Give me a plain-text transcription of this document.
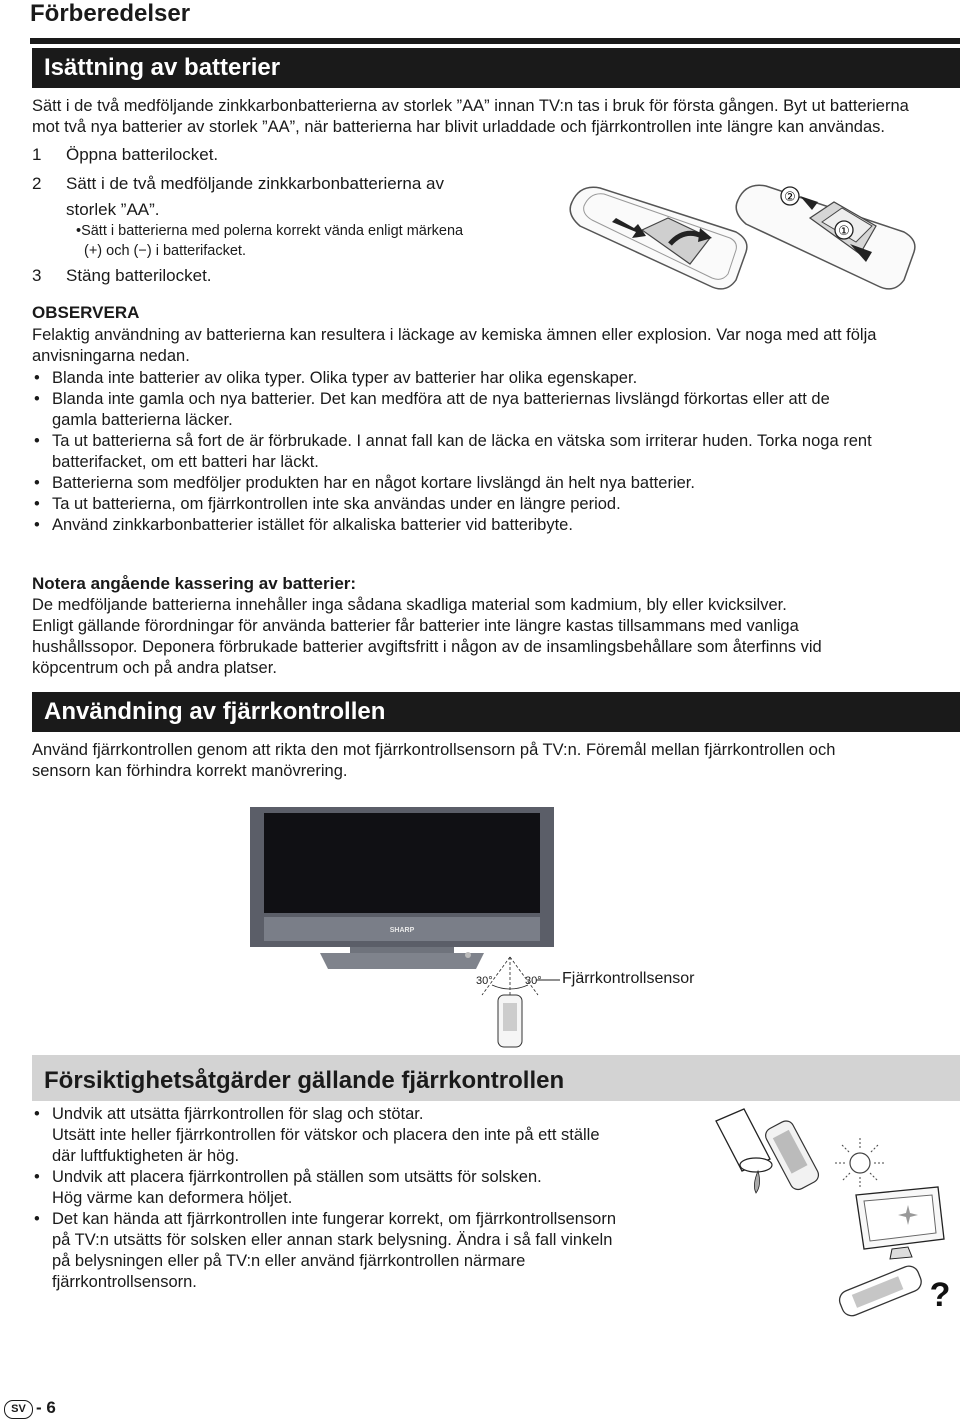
Förberedelser
Isättning av batterier
Sätt i de två medföljande zinkkarbonbatterierna av storlek ”AA” innan TV:n tas i bruk för första gången. Byt ut batterierna
mot två nya batterier av storlek ”AA”, när batterierna har blivit urladdade och fjärrkontrollen inte längre kan användas.
1 Öppna batterilocket.
2 Sätt i de två medföljande zinkkarbonbatterierna av
storlek ”AA”.
•Sätt i batterierna med polerna korrekt vända enligt märkena
(+) och (−) i batterifacket.
3 Stäng batterilocket.
②
①
OBSERVERA
Felaktig användning av batterierna kan resultera i läckage av kemiska ämnen eller explosion. Var noga med att följa
anvisningarna nedan.
• Blanda inte batterier av olika typer. Olika typer av batterier har olika egenskaper.
• Blanda inte gamla och nya batterier. Det kan medföra att de nya batteriernas livslängd förkortas eller att de
gamla batterierna läcker.
• Ta ut batterierna så fort de är förbrukade. I annat fall kan de läcka en vätska som irriterar huden. Torka noga rent
batterifacket, om ett batteri har läckt.
• Batterierna som medföljer produkten har en något kortare livslängd än helt nya batterier.
• Ta ut batterierna, om fjärrkontrollen inte ska användas under en längre period.
• Använd zinkkarbonbatterier istället för alkaliska batterier vid batteribyte.
Notera angående kassering av batterier:
De medföljande batterierna innehåller inga sådana skadliga material som kadmium, bly eller kvicksilver.
Enligt gällande förordningar för använda batterier får batterier inte längre kastas tillsammans med vanliga
hushållssopor. Deponera förbrukade batterier avgiftsfritt i någon av de insamlingsbehållare som återfinns vid
köpcentrum och på andra platser.
Användning av fjärrkontrollen
Använd fjärrkontrollen genom att rikta den mot fjärrkontrollsensorn på TV:n. Föremål mellan fjärrkontrollen och
sensorn kan förhindra korrekt manövrering.
SHARP
30°	30° Fjärrkontrollsensor
Försiktighetsåtgärder gällande fjärrkontrollen
• Undvik att utsätta fjärrkontrollen för slag och stötar.
Utsätt inte heller fjärrkontrollen för vätskor och placera den inte på ett ställe
där luftfuktigheten är hög.
• Undvik att placera fjärrkontrollen på ställen som utsätts för solsken.
Hög värme kan deformera höljet.
• Det kan hända att fjärrkontrollen inte fungerar korrekt, om fjärrkontrollsensorn
på TV:n utsätts för solsken eller annan stark belysning. Ändra i så fall vinkeln
på belysningen eller på TV:n eller använd fjärrkontrollen närmare
fjärrkontrollsensorn.	?
SV - 6
